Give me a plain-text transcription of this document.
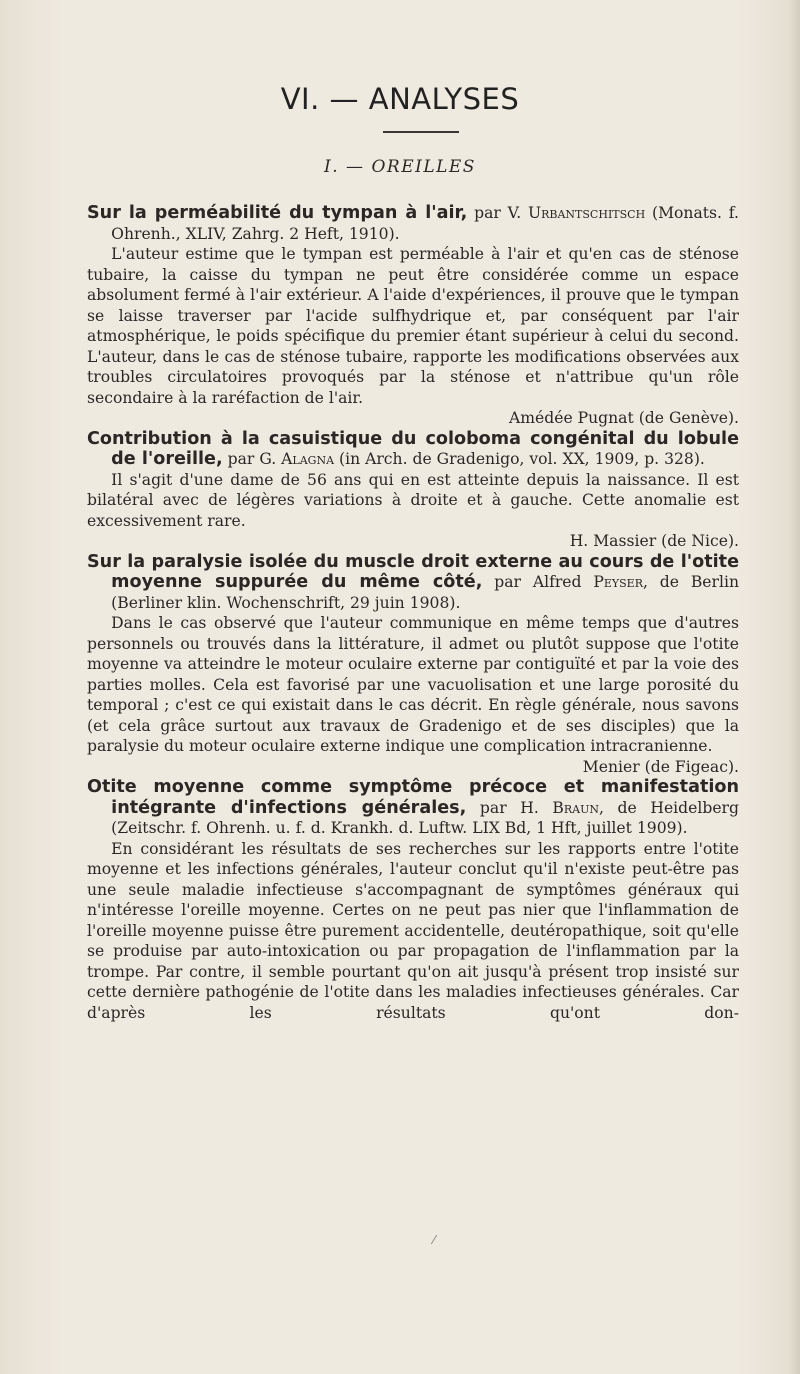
VI. — ANALYSES
I. — OREILLES

Sur la perméabilité du tympan à l'air, par V. Urbantschitsch (Monats. f. Ohrenh., XLIV, Zahrg. 2 Heft, 1910).

L'auteur estime que le tympan est perméable à l'air et qu'en cas de sténose tubaire, la caisse du tympan ne peut être considérée comme un espace absolument fermé à l'air extérieur. A l'aide d'expériences, il prouve que le tympan se laisse traverser par l'acide sulfhydrique et, par conséquent par l'air atmosphérique, le poids spécifique du premier étant supérieur à celui du second. L'auteur, dans le cas de sténose tubaire, rapporte les modifications observées aux troubles circulatoires provoqués par la sténose et n'attribue qu'un rôle secondaire à la raréfaction de l'air.
Amédée Pugnat (de Genève).

Contribution à la casuistique du coloboma congénital du lobule de l'oreille, par G. Alagna (in Arch. de Gradenigo, vol. XX, 1909, p. 328).

Il s'agit d'une dame de 56 ans qui en est atteinte depuis la naissance. Il est bilatéral avec de légères variations à droite et à gauche. Cette anomalie est excessivement rare.
H. Massier (de Nice).

Sur la paralysie isolée du muscle droit externe au cours de l'otite moyenne suppurée du même côté, par Alfred Peyser, de Berlin (Berliner klin. Wochenschrift, 29 juin 1908).

Dans le cas observé que l'auteur communique en même temps que d'autres personnels ou trouvés dans la littérature, il admet ou plutôt suppose que l'otite moyenne va atteindre le moteur oculaire externe par contiguïté et par la voie des parties molles. Cela est favorisé par une vacuolisation et une large porosité du temporal ; c'est ce qui existait dans le cas décrit. En règle générale, nous savons (et cela grâce surtout aux travaux de Gradenigo et de ses disciples) que la paralysie du moteur oculaire externe indique une complication intracranienne.
Menier (de Figeac).

Otite moyenne comme symptôme précoce et manifestation intégrante d'infections générales, par H. Braun, de Heidelberg (Zeitschr. f. Ohrenh. u. f. d. Krankh. d. Luftw. LIX Bd, 1 Hft, juillet 1909).

En considérant les résultats de ses recherches sur les rapports entre l'otite moyenne et les infections générales, l'auteur conclut qu'il n'existe peut-être pas une seule maladie infectieuse s'accompagnant de symptômes généraux qui n'intéresse l'oreille moyenne. Certes on ne peut pas nier que l'inflammation de l'oreille moyenne puisse être purement accidentelle, deutéropathique, soit qu'elle se produise par auto-intoxication ou par propagation de l'inflammation par la trompe. Par contre, il semble pourtant qu'on ait jusqu'à présent trop insisté sur cette dernière pathogénie de l'otite dans les maladies infectieuses générales. Car d'après les résultats qu'ont don-

⁄
